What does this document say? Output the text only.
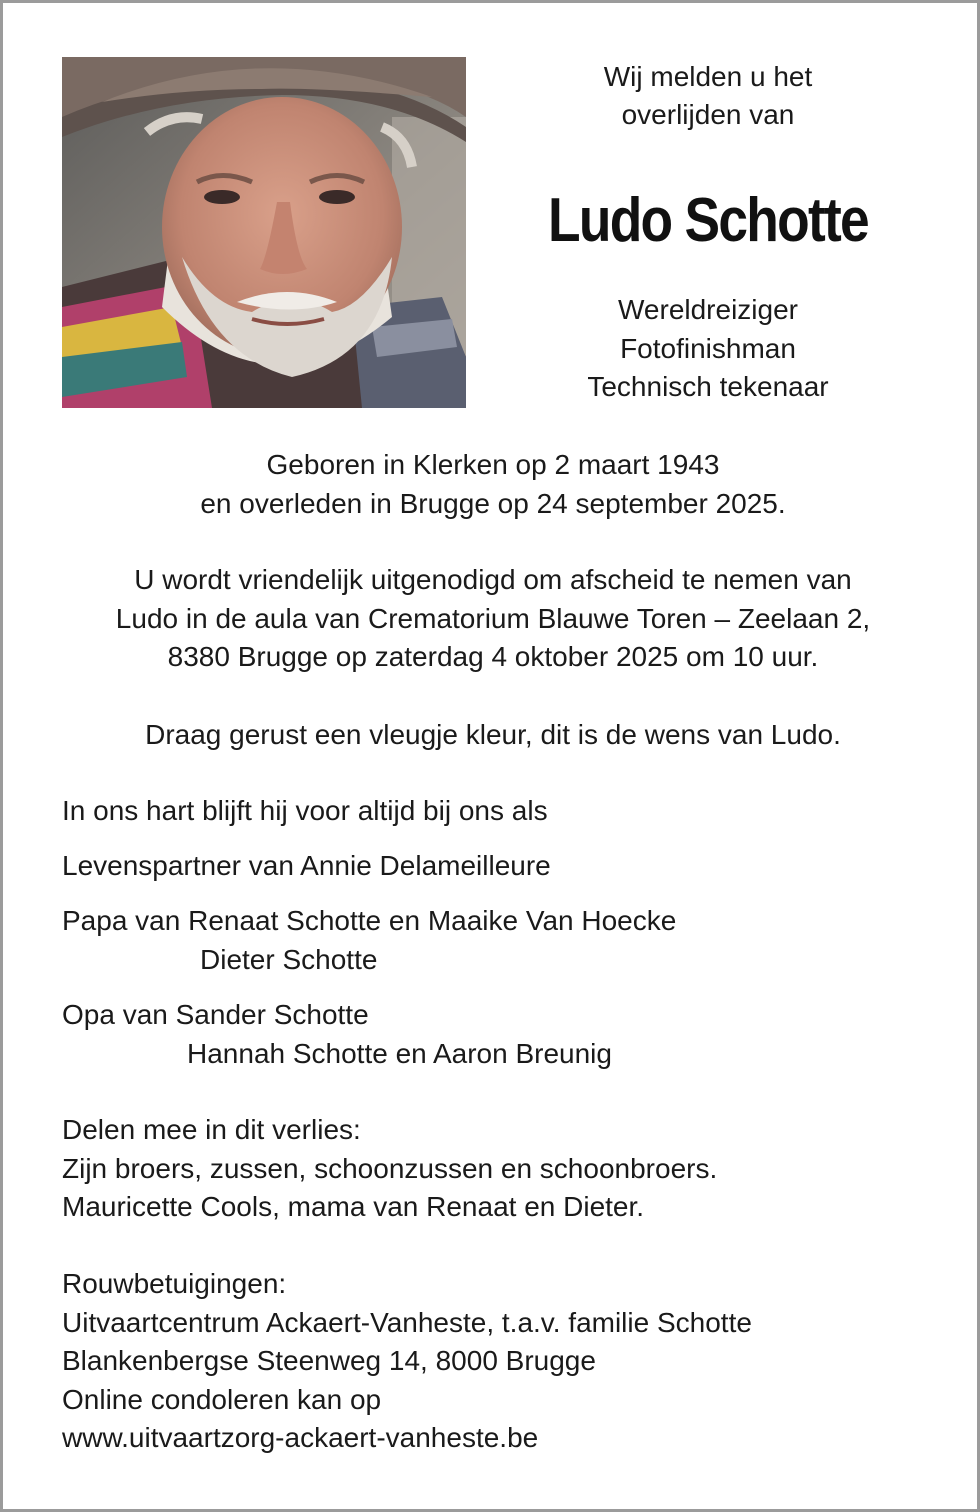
Wij melden u het
overlijden van
Ludo Schotte
Wereldreiziger
Fotofinishman
Technisch tekenaar
Geboren in Klerken op 2 maart 1943
en overleden in Brugge op 24 september 2025.
U wordt vriendelijk uitgenodigd om afscheid te nemen van
Ludo in de aula van Crematorium Blauwe Toren – Zeelaan 2,
8380 Brugge op zaterdag 4 oktober 2025 om 10 uur.
Draag gerust een vleugje kleur, dit is de wens van Ludo.
In ons hart blijft hij voor altijd bij ons als
Levenspartner van Annie Delameilleure
Papa van Renaat Schotte en Maaike Van Hoecke
Dieter Schotte
Opa van Sander Schotte
Hannah Schotte en Aaron Breunig
Delen mee in dit verlies:
Zijn broers, zussen, schoonzussen en schoonbroers.
Mauricette Cools, mama van Renaat en Dieter.
Rouwbetuigingen:
Uitvaartcentrum Ackaert-Vanheste, t.a.v. familie Schotte
Blankenbergse Steenweg 14, 8000 Brugge
Online condoleren kan op
www.uitvaartzorg-ackaert-vanheste.be
